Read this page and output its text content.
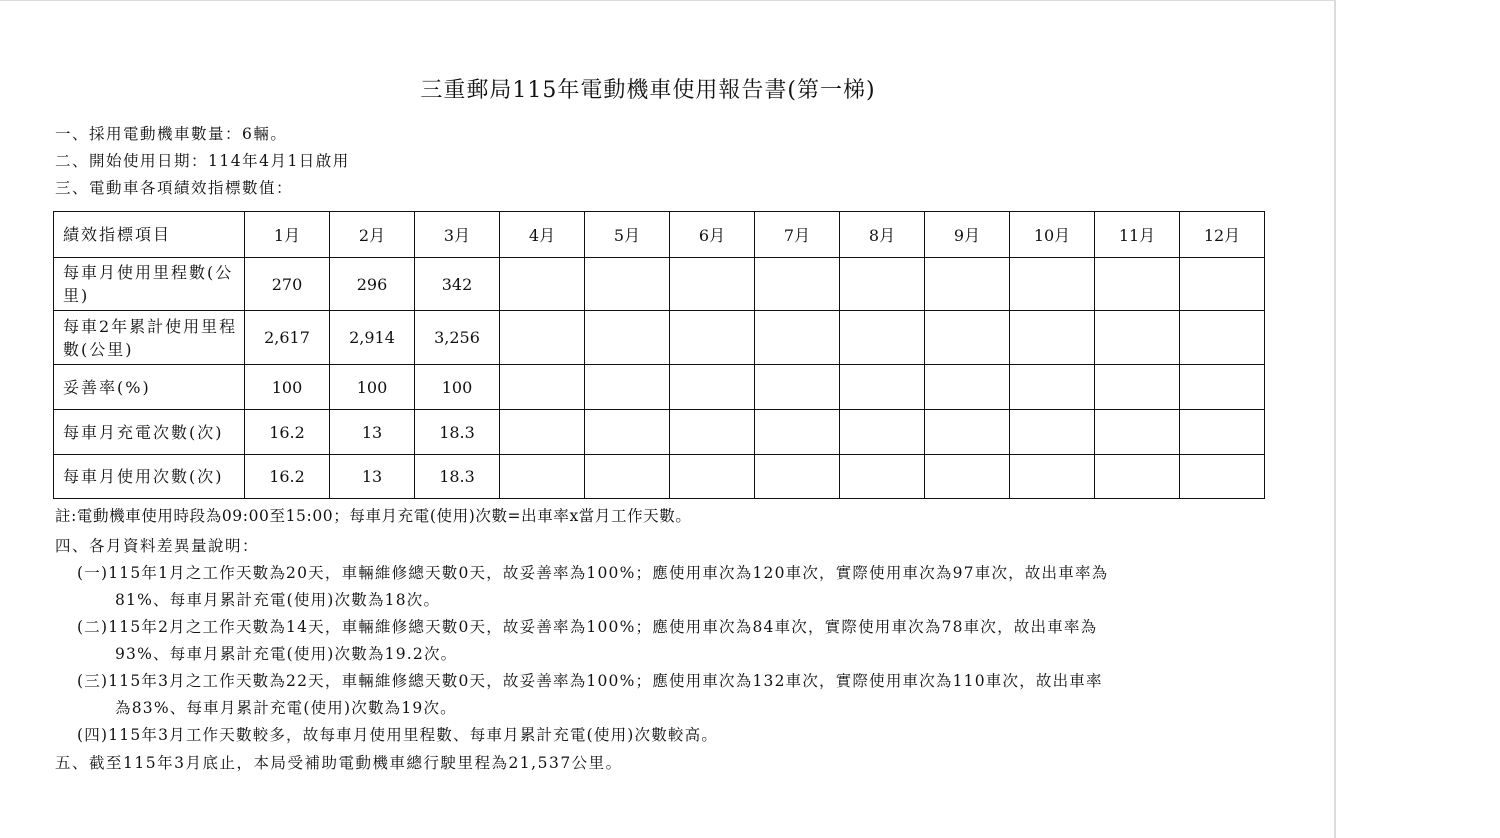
三重郵局115年電動機車使用報告書(第一梯)
一、採用電動機車數量：6輛。
二、開始使用日期：114年4月1日啟用
三、電動車各項績效指標數值：
績效指標項目	1月	2月	3月	4月	5月	6月	7月	8月	9月	10月	11月	12月
每車月使用里程數(公里)	270	296	342									
每車2年累計使用里程數(公里)	2,617	2,914	3,256									
妥善率(%)	100	100	100									
每車月充電次數(次)	16.2	13	18.3									
每車月使用次數(次)	16.2	13	18.3									
註:電動機車使用時段為09:00至15:00；每車月充電(使用)次數=出車率x當月工作天數。
四、各月資料差異量說明：
(一)115年1月之工作天數為20天，車輛維修總天數0天，故妥善率為100%；應使用車次為120車次，實際使用車次為97車次，故出車率為
81%、每車月累計充電(使用)次數為18次。
(二)115年2月之工作天數為14天，車輛維修總天數0天，故妥善率為100%；應使用車次為84車次，實際使用車次為78車次，故出車率為
93%、每車月累計充電(使用)次數為19.2次。
(三)115年3月之工作天數為22天，車輛維修總天數0天，故妥善率為100%；應使用車次為132車次，實際使用車次為110車次，故出車率
為83%、每車月累計充電(使用)次數為19次。
(四)115年3月工作天數較多，故每車月使用里程數、每車月累計充電(使用)次數較高。
五、截至115年3月底止，本局受補助電動機車總行駛里程為21,537公里。
